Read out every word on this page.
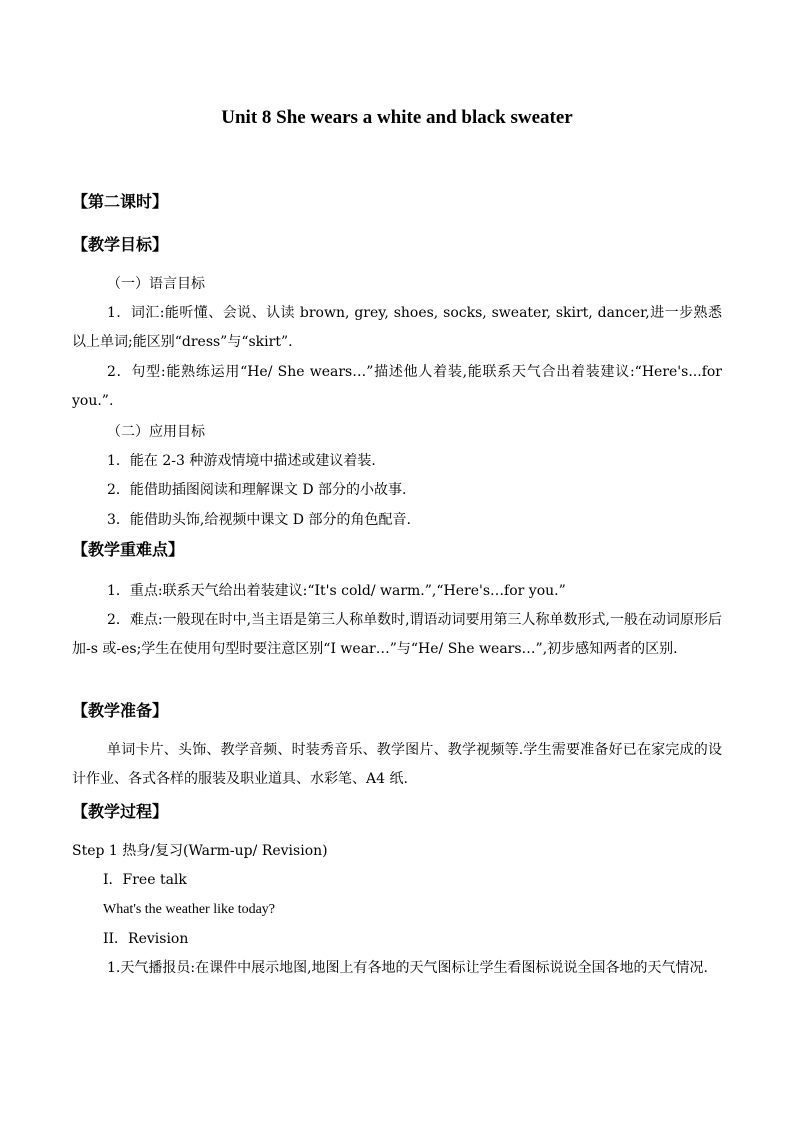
Unit 8 She wears a white and black sweater
【第二课时】
【教学目标】
（一）语言目标
1．词汇:能听懂、会说、认读 brown, grey, shoes, socks, sweater, skirt, dancer,进一步熟悉以上单词;能区别“dress”与“skirt”.
2．句型:能熟练运用“He/ She wears…”描述他人着装,能联系天气合出着装建议:“Here's...for you.”.
（二）应用目标
1．能在 2-3 种游戏情境中描述或建议着装.
2．能借助插图阅读和理解课文 D 部分的小故事.
3．能借助头饰,给视频中课文 D 部分的角色配音.
【教学重难点】
1．重点:联系天气给出着装建议:“It's cold/ warm.”,“Here's…for you.”
2．难点:一般现在时中,当主语是第三人称单数时,谓语动词要用第三人称单数形式,一般在动词原形后加-s 或-es;学生在使用句型时要注意区别“I wear…”与“He/ She wears…”,初步感知两者的区别.
【教学准备】
单词卡片、头饰、教学音频、时装秀音乐、教学图片、教学视频等.学生需要准备好已在家完成的设计作业、各式各样的服装及职业道具、水彩笔、A4 纸.
【教学过程】
Step 1 热身/复习(Warm-up/ Revision)
I．Free talk
What's the weather like today?
II．Revision
1.天气播报员:在课件中展示地图,地图上有各地的天气图标让学生看图标说说全国各地的天气情况.
